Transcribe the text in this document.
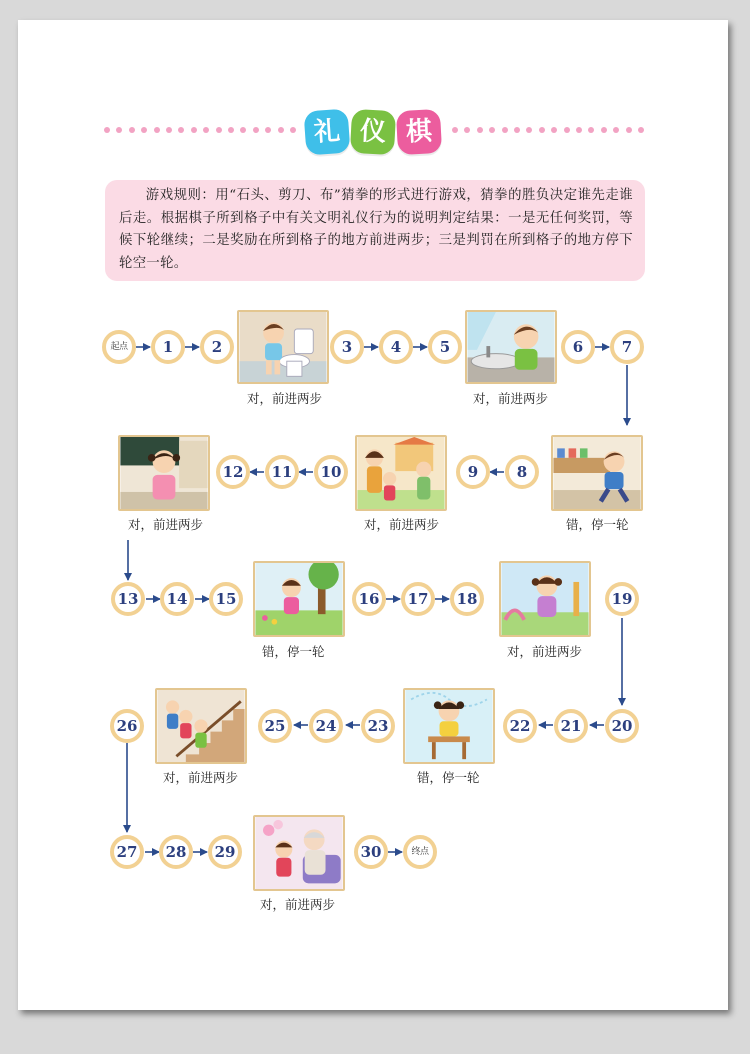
礼 仪 棋
游戏规则：用“石头、剪刀、布”猜拳的形式进行游戏，猜拳的胜负决定谁先走谁后走。根据棋子所到格子中有关文明礼仪行为的说明判定结果：一是无任何奖罚，等候下轮继续；二是奖励在所到格子的地方前进两步；三是判罚在所到格子的地方停下轮空一轮。
起点	1	2	3	4	5	6	7
对，前进两步	对，前进两步
12	11	10	9	8
对，前进两步	对，前进两步	错，停一轮
13	14	15	16	17	18	19
错，停一轮	对，前进两步
26	25	24	23	22	21	20
对，前进两步	错，停一轮
27	28	29	30	终点
对，前进两步
